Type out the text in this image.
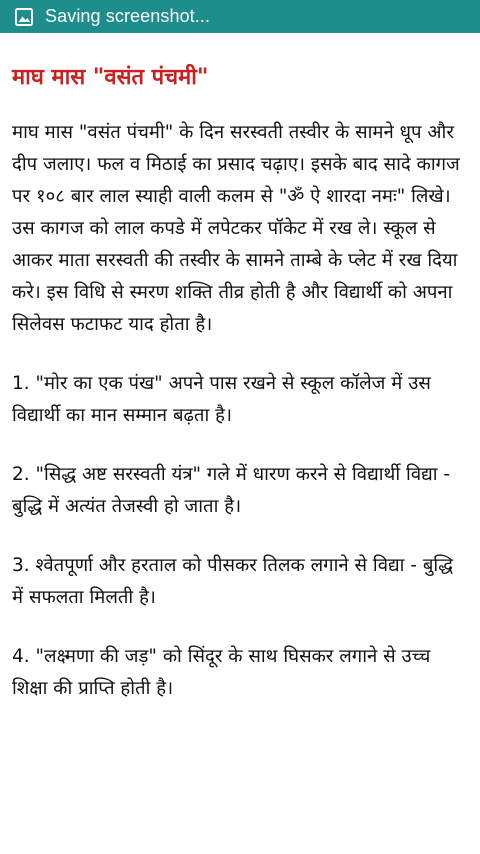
Saving screenshot...
माघ मास "वसंत पंचमी"

माघ मास "वसंत पंचमी" के दिन सरस्वती तस्वीर के सामने धूप और दीप जलाए। फल व मिठाई का प्रसाद चढ़ाए। इसके बाद सादे कागज पर १०८ बार लाल स्याही वाली कलम से "ॐ ऐ शारदा नमः" लिखे। उस कागज को लाल कपडे में लपेटकर पॉकेट में रख ले। स्कूल से आकर माता सरस्वती की तस्वीर के सामने ताम्बे के प्लेट में रख दिया करे। इस विधि से स्मरण शक्ति तीव्र होती है और विद्यार्थी को अपना सिलेवस फटाफट याद होता है।

1. "मोर का एक पंख" अपने पास रखने से स्कूल कॉलेज में उस विद्यार्थी का मान सम्मान बढ़ता है।

2. "सिद्ध अष्ट सरस्वती यंत्र" गले में धारण करने से विद्यार्थी विद्या - बुद्धि में अत्यंत तेजस्वी हो जाता है।

3. श्वेतपूर्णा और हरताल को पीसकर तिलक लगाने से विद्या - बुद्धि में सफलता मिलती है।

4. "लक्ष्मणा की जड़" को सिंदूर के साथ घिसकर लगाने से उच्च शिक्षा की प्राप्ति होती है।
